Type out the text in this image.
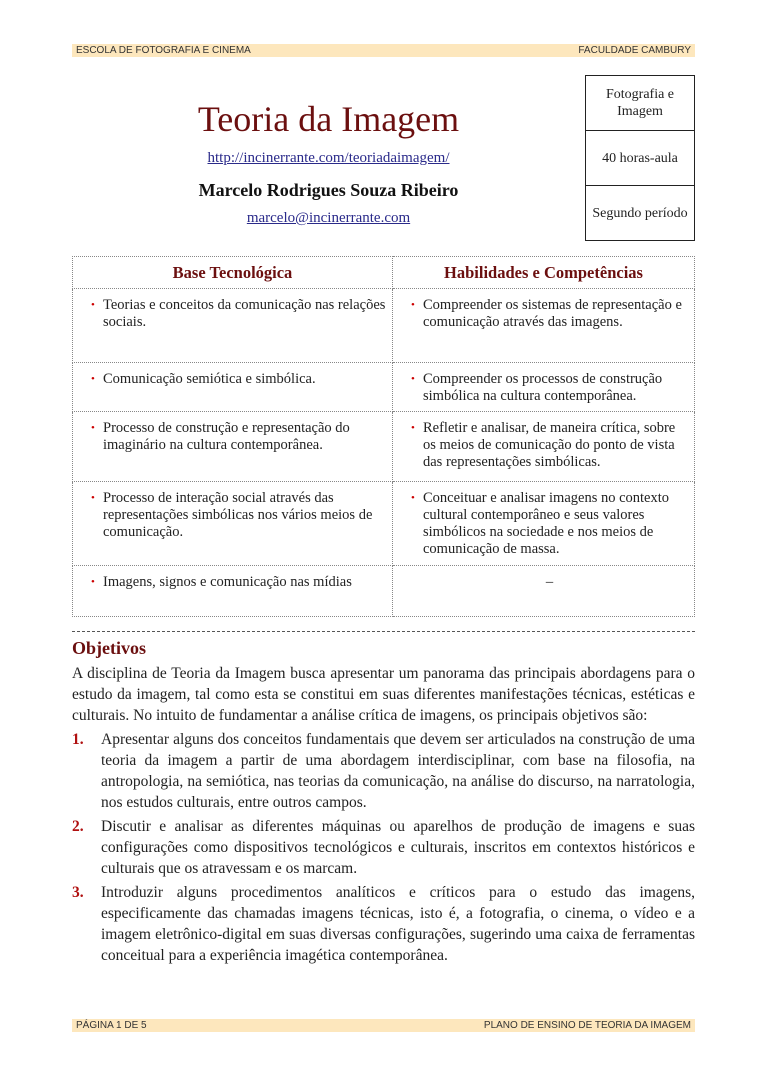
ESCOLA DE FOTOGRAFIA E CINEMA	FACULDADE CAMBURY
Teoria da Imagem
http://incinerrante.com/teoriadaimagem/
Marcelo Rodrigues Souza Ribeiro
marcelo@incinerrante.com
Fotografia e Imagem
40 horas-aula
Segundo período
Base Tecnológica	Habilidades e Competências

• Teorias e conceitos da comunicação nas relações sociais.	• Compreender os sistemas de representação e comunicação através das imagens.

• Comunicação semiótica e simbólica.	• Compreender os processos de construção simbólica na cultura contemporânea.

• Processo de construção e representação do imaginário na cultura contemporânea.	• Refletir e analisar, de maneira crítica, sobre os meios de comunicação do ponto de vista das representações simbólicas.

• Processo de interação social através das representações simbólicas nos vários meios de comunicação.	• Conceituar e analisar imagens no contexto cultural contemporâneo e seus valores simbólicos na sociedade e nos meios de comunicação de massa.

• Imagens, signos e comunicação nas mídias	–
Objetivos

A disciplina de Teoria da Imagem busca apresentar um panorama das principais abordagens para o estudo da imagem, tal como esta se constitui em suas diferentes manifestações técnicas, estéticas e culturais. No intuito de fundamentar a análise crítica de imagens, os principais objetivos são:

1. Apresentar alguns dos conceitos fundamentais que devem ser articulados na construção de uma teoria da imagem a partir de uma abordagem interdisciplinar, com base na filosofia, na antropologia, na semiótica, nas teorias da comunicação, na análise do discurso, na narratologia, nos estudos culturais, entre outros campos.
2. Discutir e analisar as diferentes máquinas ou aparelhos de produção de imagens e suas configurações como dispositivos tecnológicos e culturais, inscritos em contextos históricos e culturais que os atravessam e os marcam.
3. Introduzir alguns procedimentos analíticos e críticos para o estudo das imagens, especificamente das chamadas imagens técnicas, isto é, a fotografia, o cinema, o vídeo e a imagem eletrônico-digital em suas diversas configurações, sugerindo uma caixa de ferramentas conceitual para a experiência imagética contemporânea.
PÁGINA 1 DE 5	PLANO DE ENSINO DE TEORIA DA IMAGEM
